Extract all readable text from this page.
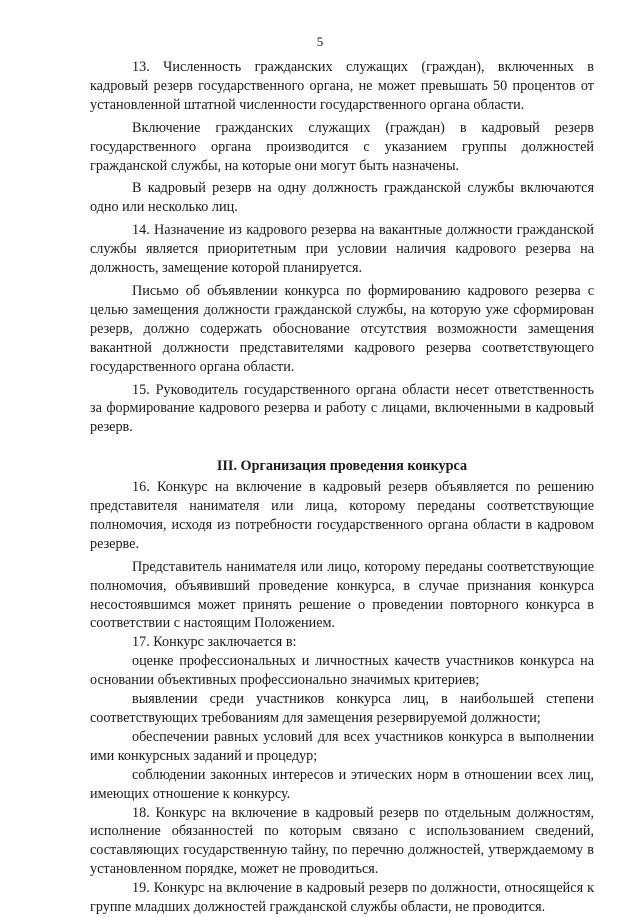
5

13. Численность гражданских служащих (граждан), включенных в кадровый резерв государственного органа, не может превышать 50 процентов от установленной штатной численности государственного органа области.

Включение гражданских служащих (граждан) в кадровый резерв государственного органа производится с указанием группы должностей гражданской службы, на которые они могут быть назначены.

В кадровый резерв на одну должность гражданской службы включаются одно или несколько лиц.

14. Назначение из кадрового резерва на вакантные должности гражданской службы является приоритетным при условии наличия кадрового резерва на должность, замещение которой планируется.

Письмо об объявлении конкурса по формированию кадрового резерва с целью замещения должности гражданской службы, на которую уже сформирован резерв, должно содержать обоснование отсутствия возможности замещения вакантной должности представителями кадрового резерва соответствующего государственного органа области.

15. Руководитель государственного органа области несет ответственность за формирование кадрового резерва и работу с лицами, включенными в кадровый резерв.

III. Организация проведения конкурса

16. Конкурс на включение в кадровый резерв объявляется по решению представителя нанимателя или лица, которому переданы соответствующие полномочия, исходя из потребности государственного органа области в кадровом резерве.

Представитель нанимателя или лицо, которому переданы соответствующие полномочия, объявивший проведение конкурса, в случае признания конкурса несостоявшимся может принять решение о проведении повторного конкурса в соответствии с настоящим Положением.

17. Конкурс заключается в:

оценке профессиональных и личностных качеств участников конкурса на основании объективных профессионально значимых критериев;

выявлении среди участников конкурса лиц, в наибольшей степени соответствующих требованиям для замещения резервируемой должности;

обеспечении равных условий для всех участников конкурса в выполнении ими конкурсных заданий и процедур;

соблюдении законных интересов и этических норм в отношении всех лиц, имеющих отношение к конкурсу.

18. Конкурс на включение в кадровый резерв по отдельным должностям, исполнение обязанностей по которым связано с использованием сведений, составляющих государственную тайну, по перечню должностей, утверждаемому в установленном порядке, может не проводиться.

19. Конкурс на включение в кадровый резерв по должности, относящейся к группе младших должностей гражданской службы области, не проводится.
